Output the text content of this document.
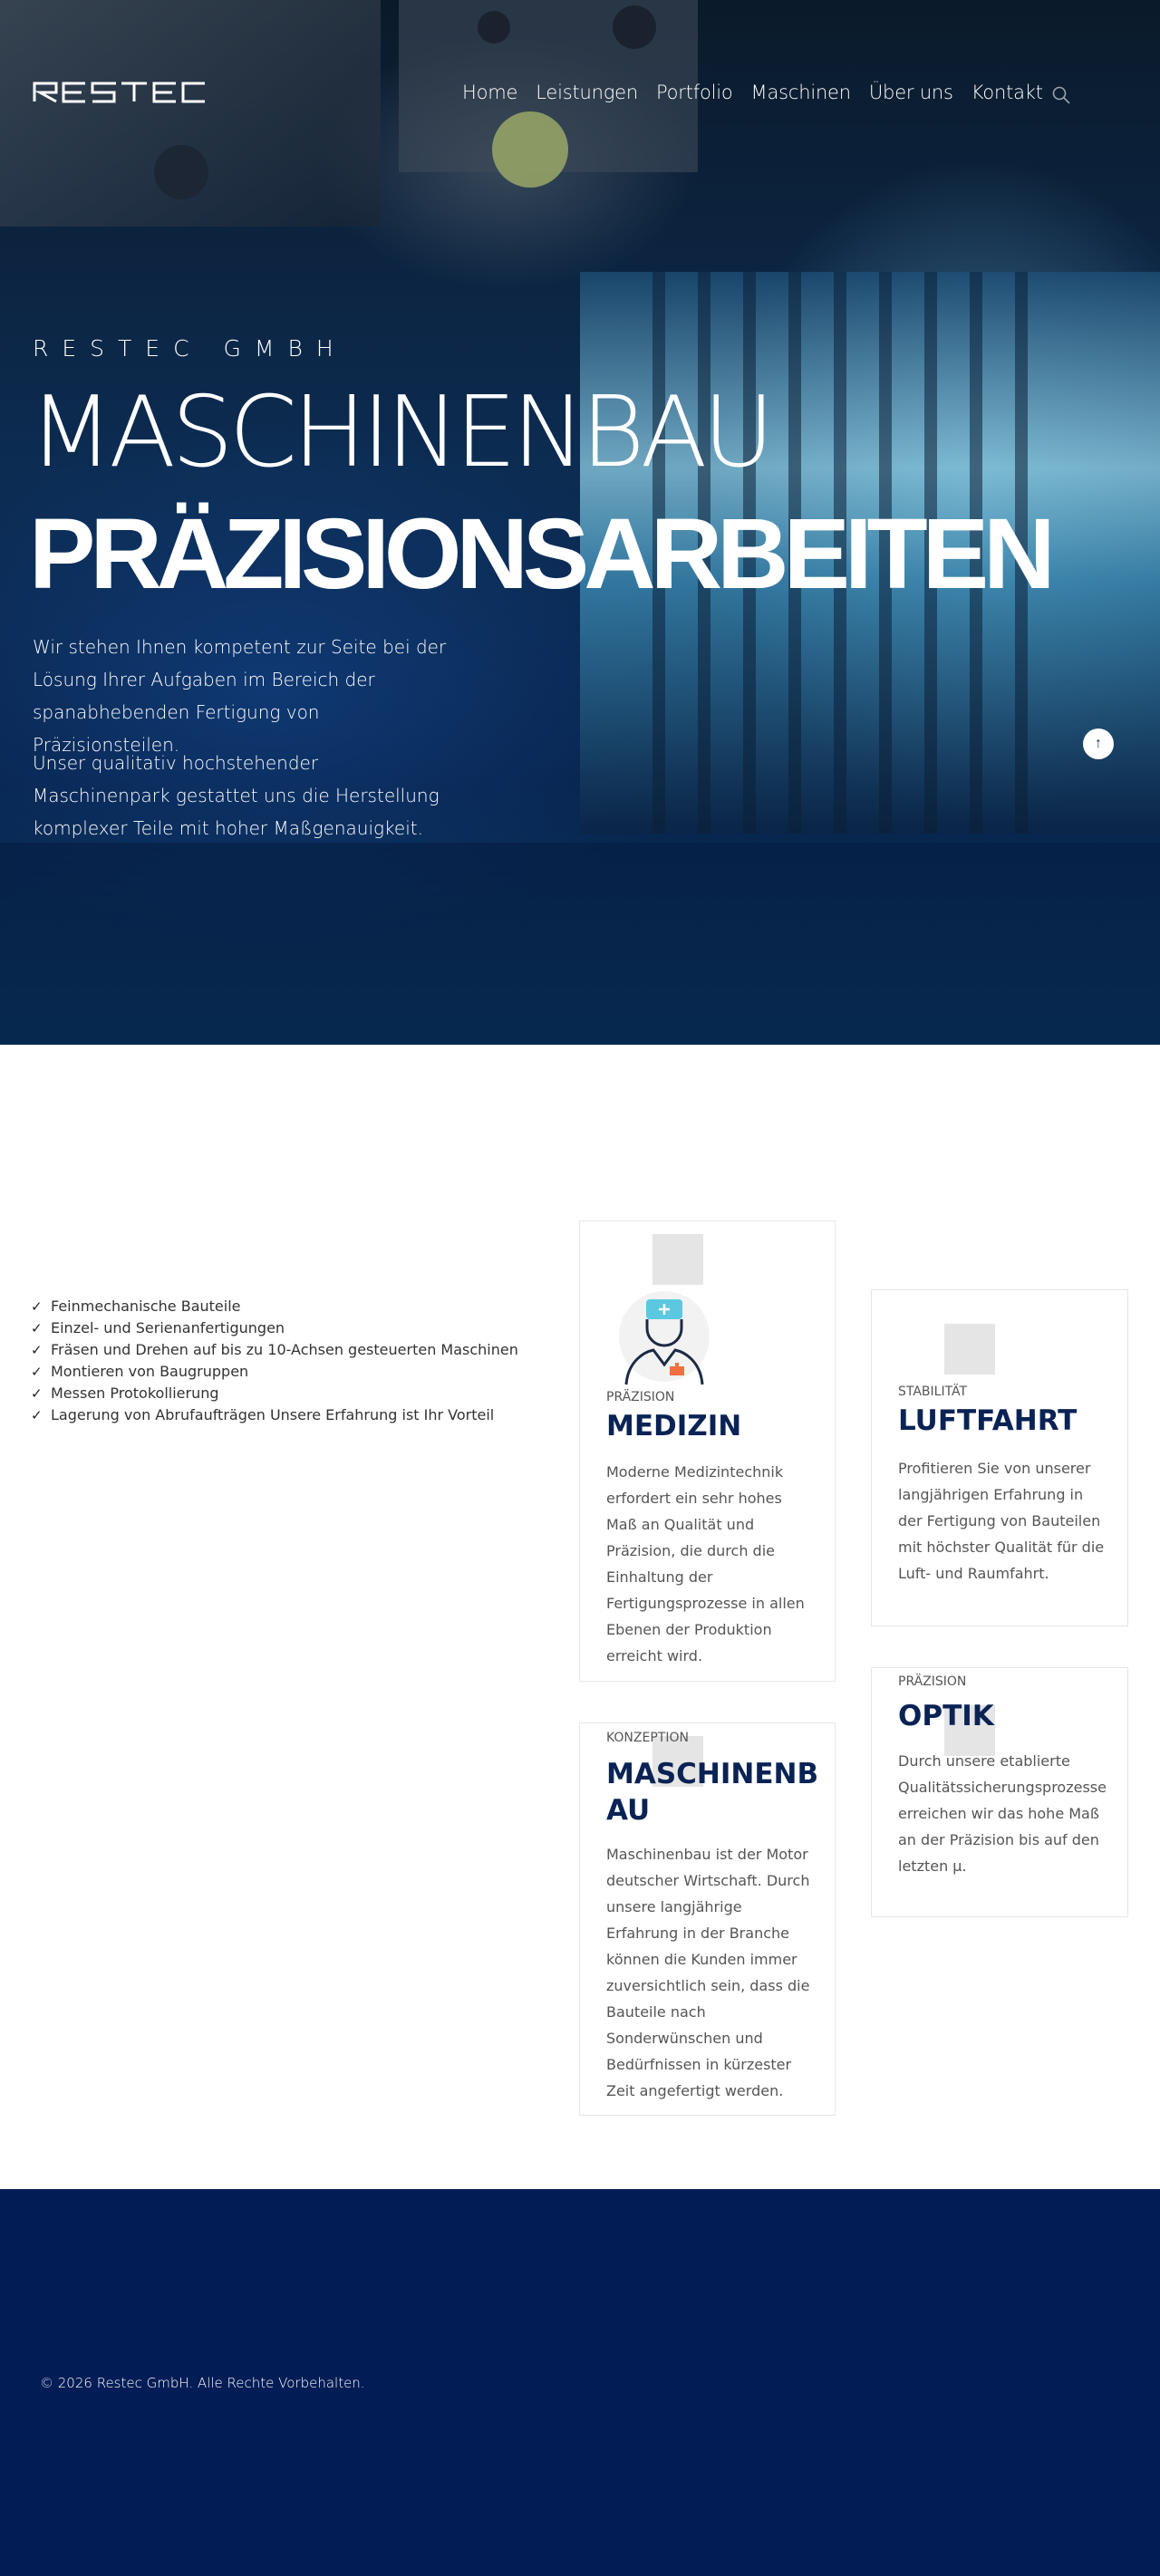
Home Leistungen Portfolio Maschinen Über uns Kontakt
RESTEC GMBH
MASCHINENBAU
PRÄZISIONSARBEITEN

Wir stehen Ihnen kompetent zur Seite bei der Lösung Ihrer Aufgaben im Bereich der spanabhebenden Fertigung von Präzisionsteilen.

Unser qualitativ hochstehender Maschinenpark gestattet uns die Herstellung komplexer Teile mit hoher Maßgenauigkeit.

↑
✓ Feinmechanische Bauteile
✓ Einzel- und Serienanfertigungen
✓ Fräsen und Drehen auf bis zu 10-Achsen gesteuerten Maschinen
✓ Montieren von Baugruppen
✓ Messen Protokollierung
✓ Lagerung von Abrufaufträgen Unsere Erfahrung ist Ihr Vorteil
PRÄZISION
MEDIZIN
Moderne Medizintechnik erfordert ein sehr hohes Maß an Qualität und Präzision, die durch die Einhaltung der Fertigungsprozesse in allen Ebenen der Produktion erreicht wird.
STABILITÄT
LUFTFAHRT
Profitieren Sie von unserer langjährigen Erfahrung in der Fertigung von Bauteilen mit höchster Qualität für die Luft- und Raumfahrt.
KONZEPTION
MASCHINENBAU
Maschinenbau ist der Motor deutscher Wirtschaft. Durch unsere langjährige Erfahrung in der Branche können die Kunden immer zuversichtlich sein, dass die Bauteile nach Sonderwünschen und Bedürfnissen in kürzester Zeit angefertigt werden.
PRÄZISION
OPTIK
Durch unsere etablierte Qualitätssicherungsprozesse erreichen wir das hohe Maß an der Präzision bis auf den letzten µ.
© 2026 Restec GmbH. Alle Rechte Vorbehalten.
